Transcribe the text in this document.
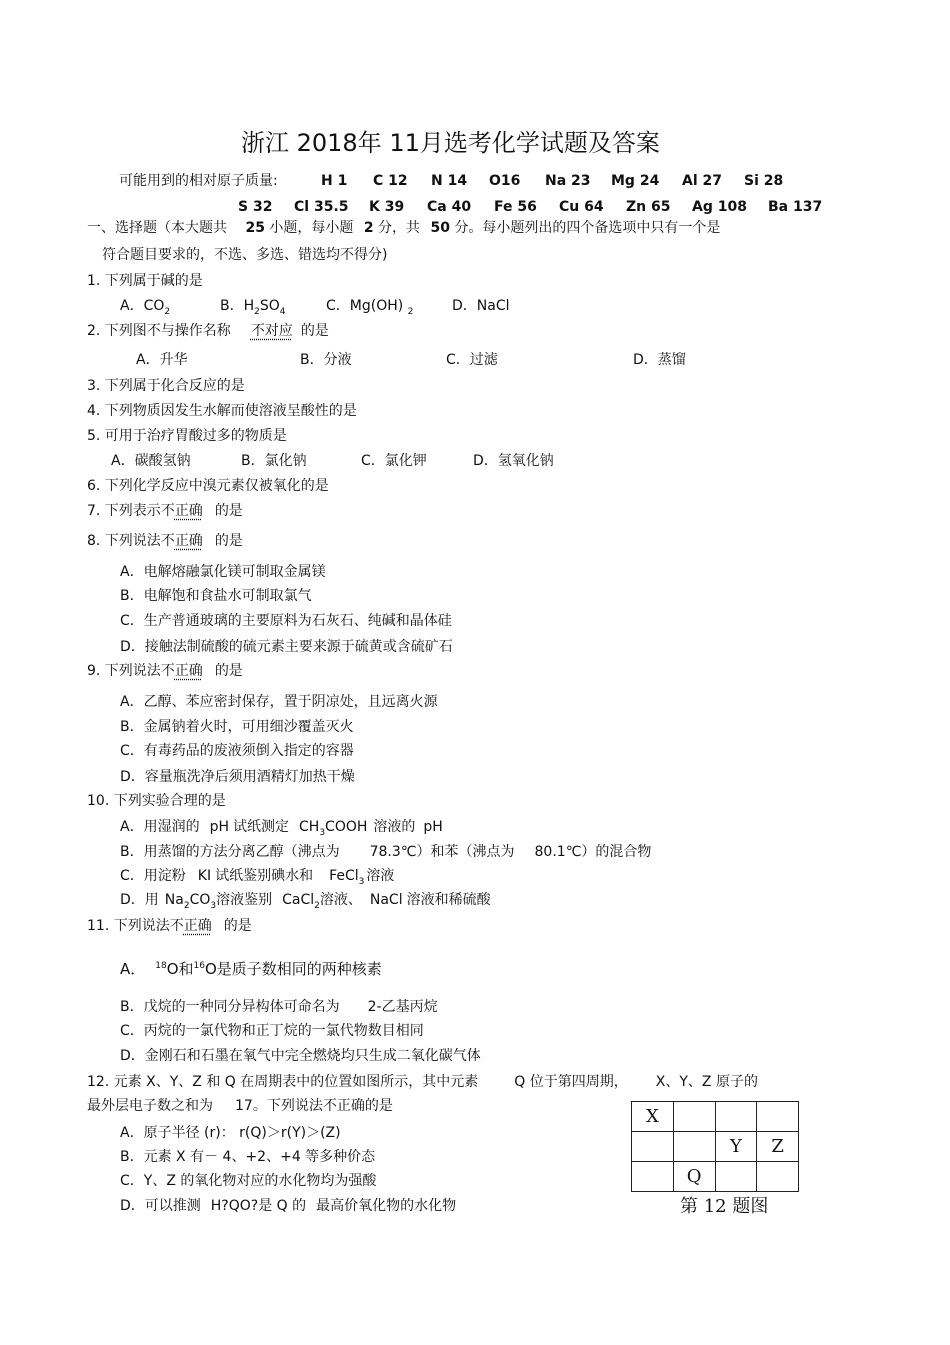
浙江 2018年 11月选考化学试题及答案
可能用到的相对原子质量:	H 1 C 12 N 14 O16 Na 23 Mg 24 Al 27 Si 28
S 32 Cl 35.5 K 39 Ca 40 Fe 56 Cu 64 Zn 65 Ag 108 Ba 137
一、选择题（本大题共 25 小题，每小题 2 分，共 50 分。每小题列出的四个备选项中只有一个是
符合题目要求的，不选、多选、错选均不得分)
1. 下列属于碱的是
A．$CO_2$	B．$H_2SO_4$	C．Mg(OH) $_2$	D．NaCl
2. 下列图不与操作名称 不对应 的是
A．升华	B．分液	C．过滤	D．蒸馏
3. 下列属于化合反应的是
4. 下列物质因发生水解而使溶液呈酸性的是
5. 可用于治疗胃酸过多的物质是
A．碳酸氢钠	B．氯化钠	C．氯化钾	D．氢氧化钠
6. 下列化学反应中溴元素仅被氧化的是
7. 下列表示不正确 的是
8. 下列说法不正确 的是
A．电解熔融氯化镁可制取金属镁
B．电解饱和食盐水可制取氯气
C．生产普通玻璃的主要原料为石灰石、纯碱和晶体硅
D．接触法制硫酸的硫元素主要来源于硫黄或含硫矿石
9. 下列说法不正确 的是
A．乙醇、苯应密封保存，置于阴凉处，且远离火源
B．金属钠着火时，可用细沙覆盖灭火
C．有毒药品的废液须倒入指定的容器
D．容量瓶洗净后须用酒精灯加热干燥
10. 下列实验合理的是
A．用湿润的 pH 试纸测定 $CH_3COOH$ 溶液的 pH
B．用蒸馏的方法分离乙醇（沸点为 78.3℃）和苯（沸点为 80.1℃）的混合物
C．用淀粉 KI 试纸鉴别碘水和 FeCl$_3$ 溶液
D．用 $Na_2CO_3$溶液鉴别 CaCl$_2$溶液、 NaCl 溶液和稀硫酸
11. 下列说法不正确 的是
A． $^{18}$O和$^{16}$O是质子数相同的两种核素
B．戊烷的一种同分异构体可命名为 2-乙基丙烷
C．丙烷的一氯代物和正丁烷的一氯代物数目相同
D．金刚石和石墨在氧气中完全燃烧均只生成二氧化碳气体
12. 元素 X、Y、Z 和 Q 在周期表中的位置如图所示，其中元素	Q 位于第四周期， X、Y、Z 原子的
最外层电子数之和为 17。下列说法不正确的是
A．原子半径 (r)： r(Q)＞r(Y)＞(Z)
B．元素 X 有－ 4、+2、+4 等多种价态
C．Y、Z 的氧化物对应的水化物均为强酸
D．可以推测 H?QO?是 Q 的 最高价氧化物的水化物
X			
		Y	Z
	Q		
第 12 题图
